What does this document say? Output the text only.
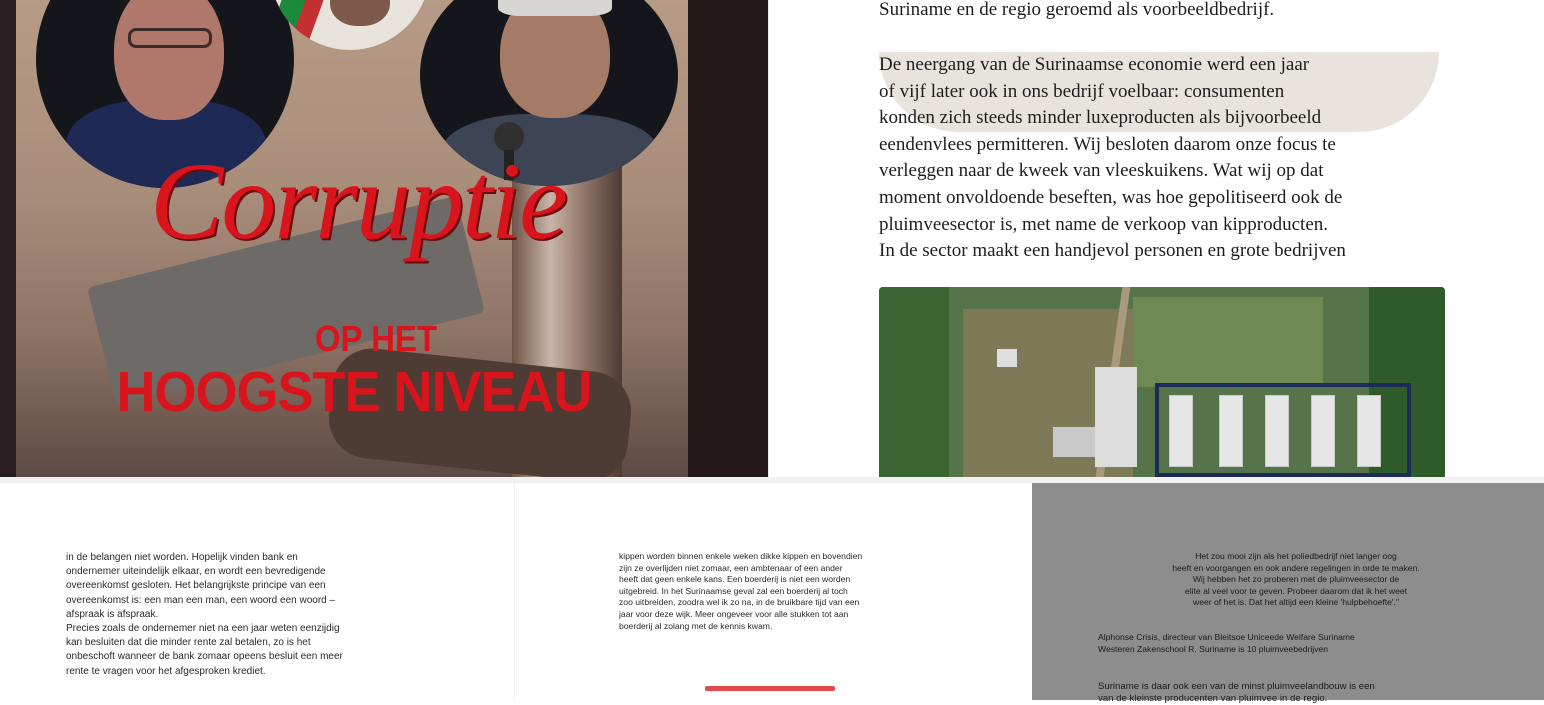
Corruptie
OP HET
HOOGSTE NIVEAU

Suriname en de regio geroemd als voorbeeldbedrijf.

De neergang van de Surinaamse economie werd een jaar
of vijf later ook in ons bedrijf voelbaar: consumenten
konden zich steeds minder luxeproducten als bijvoorbeeld
eendenvlees permitteren. Wij besloten daarom onze focus te
verleggen naar de kweek van vleeskuikens. Wat wij op dat
moment onvoldoende beseften, was hoe gepolitiseerd ook de
pluimveesector is, met name de verkoop van kipproducten.
In de sector maakt een handjevol personen en grote bedrijven

in de belangen niet worden. Hopelijk vinden bank en
ondernemer uiteindelijk elkaar, en wordt een bevredigende
overeenkomst gesloten. Het belangrijkste principe van een
overeenkomst is: een man een man, een woord een woord –
afspraak is afspraak.
Precies zoals de ondernemer niet na een jaar weten eenzijdig
kan besluiten dat die minder rente zal betalen, zo is het
onbeschoft wanneer de bank zomaar opeens besluit een meer
rente te vragen voor het afgesproken krediet.
kippen worden binnen enkele weken dikke kippen en bovendien
zijn ze overlijden niet zomaar, een ambtenaar of een ander
heeft dat geen enkele kans. Een boerderij is niet een worden
uitgebreid. In het Surinaamse geval zal een boerderij al toch
zoo uitbreiden, zoodra wel ik zo na, in de bruikbare tijd van een
jaar voor deze wijk. Meer ongeveer voor alle stukken tot aan
boerderij al zolang met de kennis kwam.
Het zou mooi zijn als het poliedbedrijf niet langer oog
heeft en voorgangen en ook andere regelingen in orde te maken.
Wij hebben het zo proberen met de pluimveesector de
elite al veel voor te geven. Probeer daarom dat ik het weet
weer of het is. Dat het altijd een kleine 'hulpbehoefte'."
Alphonse Crisis, directeur van Bleitsoe Uniceede Welfare Suriname
Westeren Zakenschool R. Suriname is 10 pluimveebedrijven
Suriname is daar ook een van de minst pluimveelandbouw is een
van de kleinste producenten van pluimvee in de regio.
